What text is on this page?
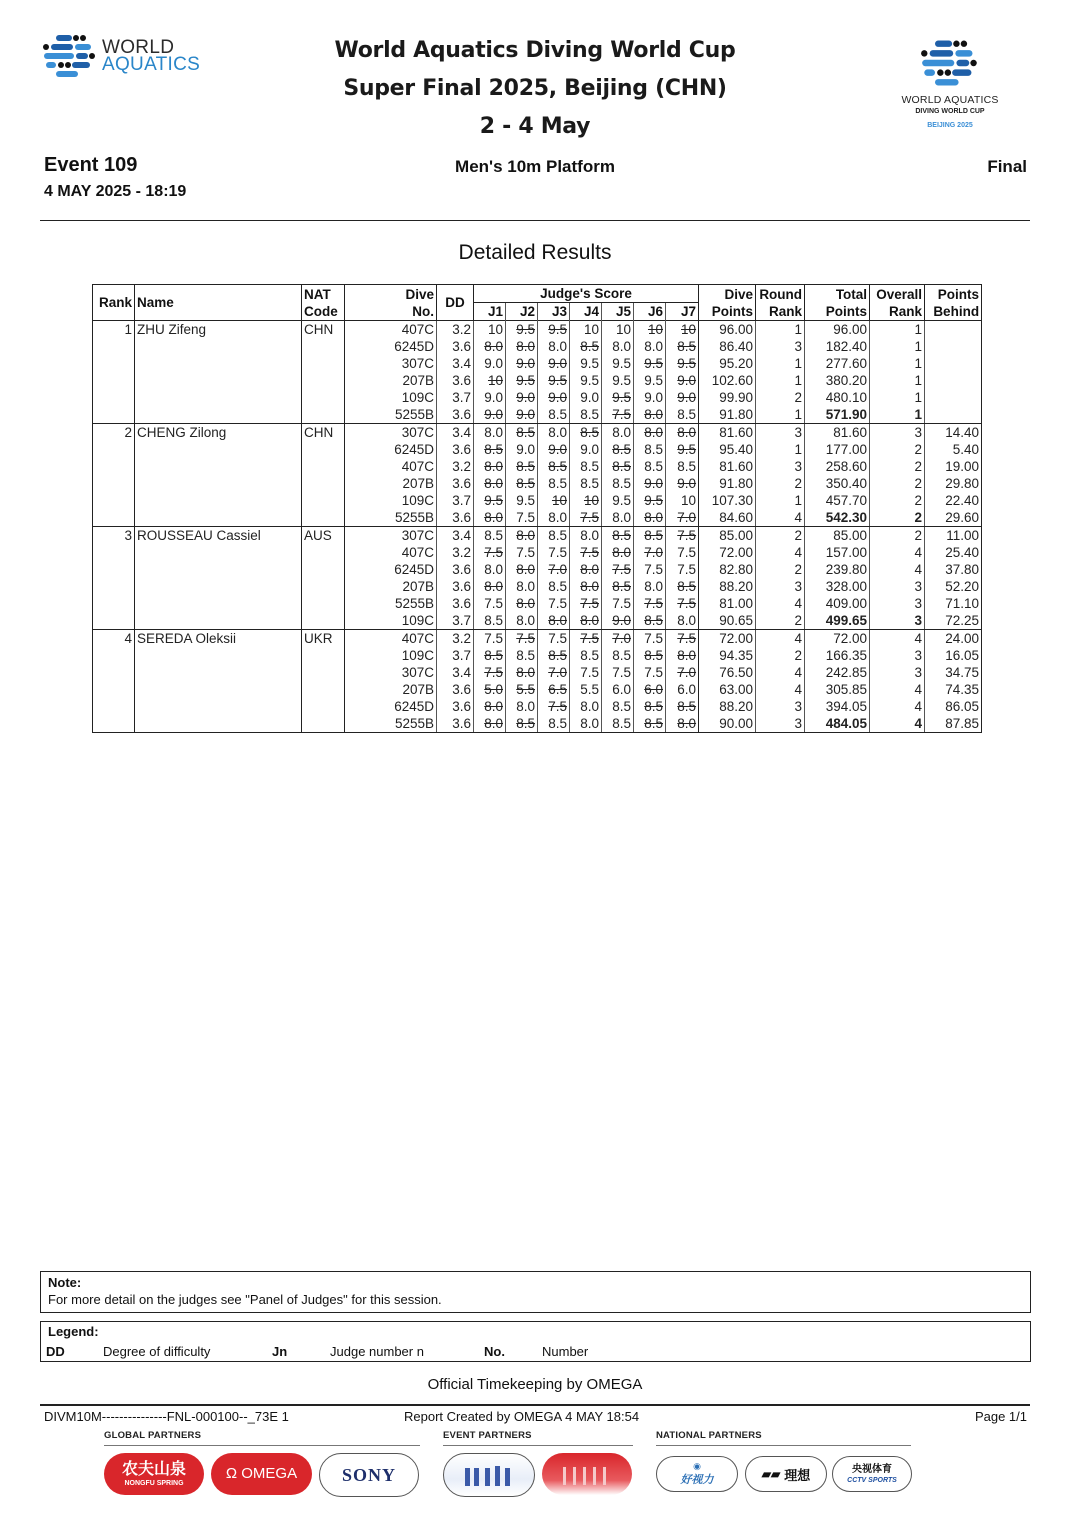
WORLD
AQUATICS
World Aquatics Diving World Cup
Super Final 2025, Beijing (CHN)
2 - 4 May
WORLD AQUATICS
DIVING WORLD CUP
BEIJING 2025
Event 109
4 MAY 2025 - 18:19
Men's 10m Platform	Final
Detailed Results
Rank	Name	NAT	Dive	DD	Judge's Score							Dive	Round	Total	Overall	Points
		Code	No.		J1	J2	J3	J4	J5	J6	J7	Points	Rank	Points	Rank	Behind
1	ZHU Zifeng	CHN	407C	3.2	10	9.5	9.5	10	10	10	10	96.00	1	96.00	1	
			6245D	3.6	8.0	8.0	8.0	8.5	8.0	8.0	8.5	86.40	3	182.40	1	
			307C	3.4	9.0	9.0	9.0	9.5	9.5	9.5	9.5	95.20	1	277.60	1	
			207B	3.6	10	9.5	9.5	9.5	9.5	9.5	9.0	102.60	1	380.20	1	
			109C	3.7	9.0	9.0	9.0	9.0	9.5	9.0	9.0	99.90	2	480.10	1	
			5255B	3.6	9.0	9.0	8.5	8.5	7.5	8.0	8.5	91.80	1	571.90	1	
2	CHENG Zilong	CHN	307C	3.4	8.0	8.5	8.0	8.5	8.0	8.0	8.0	81.60	3	81.60	3	14.40
			6245D	3.6	8.5	9.0	9.0	9.0	8.5	8.5	9.5	95.40	1	177.00	2	5.40
			407C	3.2	8.0	8.5	8.5	8.5	8.5	8.5	8.5	81.60	3	258.60	2	19.00
			207B	3.6	8.0	8.5	8.5	8.5	8.5	9.0	9.0	91.80	2	350.40	2	29.80
			109C	3.7	9.5	9.5	10	10	9.5	9.5	10	107.30	1	457.70	2	22.40
			5255B	3.6	8.0	7.5	8.0	7.5	8.0	8.0	7.0	84.60	4	542.30	2	29.60
3	ROUSSEAU Cassiel	AUS	307C	3.4	8.5	8.0	8.5	8.0	8.5	8.5	7.5	85.00	2	85.00	2	11.00
			407C	3.2	7.5	7.5	7.5	7.5	8.0	7.0	7.5	72.00	4	157.00	4	25.40
			6245D	3.6	8.0	8.0	7.0	8.0	7.5	7.5	7.5	82.80	2	239.80	4	37.80
			207B	3.6	8.0	8.0	8.5	8.0	8.5	8.0	8.5	88.20	3	328.00	3	52.20
			5255B	3.6	7.5	8.0	7.5	7.5	7.5	7.5	7.5	81.00	4	409.00	3	71.10
			109C	3.7	8.5	8.0	8.0	8.0	9.0	8.5	8.0	90.65	2	499.65	3	72.25
4	SEREDA Oleksii	UKR	407C	3.2	7.5	7.5	7.5	7.5	7.0	7.5	7.5	72.00	4	72.00	4	24.00
			109C	3.7	8.5	8.5	8.5	8.5	8.5	8.5	8.0	94.35	2	166.35	3	16.05
			307C	3.4	7.5	8.0	7.0	7.5	7.5	7.5	7.0	76.50	4	242.85	3	34.75
			207B	3.6	5.0	5.5	6.5	5.5	6.0	6.0	6.0	63.00	4	305.85	4	74.35
			6245D	3.6	8.0	8.0	7.5	8.0	8.5	8.5	8.5	88.20	3	394.05	4	86.05
			5255B	3.6	8.0	8.5	8.5	8.0	8.5	8.5	8.0	90.00	3	484.05	4	87.85
Note:
For more detail on the judges see "Panel of Judges" for this session.
Legend:
DD	Degree of difficulty	Jn	Judge number n	No.	Number
Official Timekeeping by OMEGA
DIVM10M---------------FNL-000100--_73E 1	Report Created by OMEGA 4 MAY 18:54	Page 1/1
GLOBAL PARTNERS	EVENT PARTNERS	NATIONAL PARTNERS
农夫山泉
NONGFU SPRING
Ω OMEGA SONY	◉
好视力	▰▰ 理想	央视体育
CCTV SPORTS
